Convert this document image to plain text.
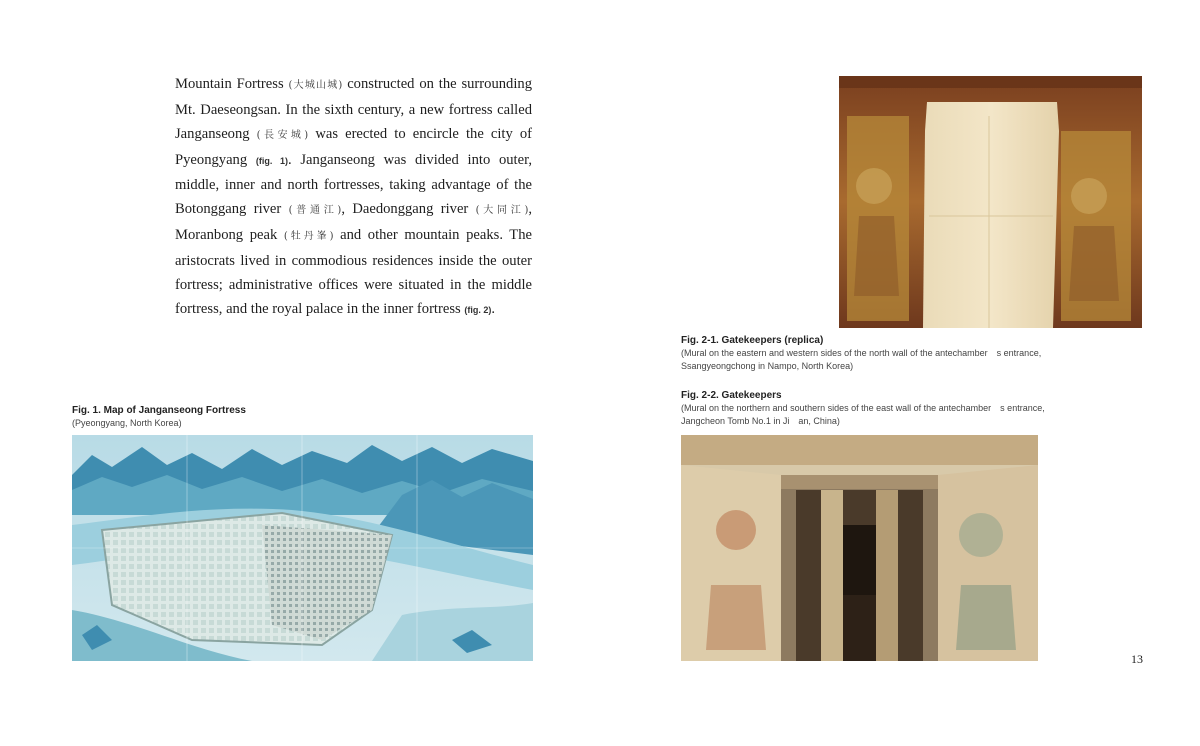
Mountain Fortress (大城山城) constructed on the surrounding Mt. Daeseongsan. In the sixth century, a new fortress called Janganseong (長安城) was erected to encircle the city of Pyeongyang (fig. 1). Janganseong was divided into outer, middle, inner and north fortresses, taking advantage of the Botonggang river (普通江), Daedonggang river (大同江), Moranbong peak (牡丹峯) and other mountain peaks. The aristocrats lived in commodious residences inside the outer fortress; administrative offices were situated in the middle fortress, and the royal palace in the inner fortress (fig. 2).

Fig. 1. Map of Janganseong Fortress
(Pyeongyang, North Korea)
Fig. 2-1. Gatekeepers (replica)
(Mural on the eastern and western sides of the north wall of the antechamber　s entrance,
Ssangyeongchong in Nampo, North Korea)
Fig. 2-2. Gatekeepers
(Mural on the northern and southern sides of the east wall of the antechamber　s entrance,
Jangcheon Tomb No.1 in Ji　an, China)
13
